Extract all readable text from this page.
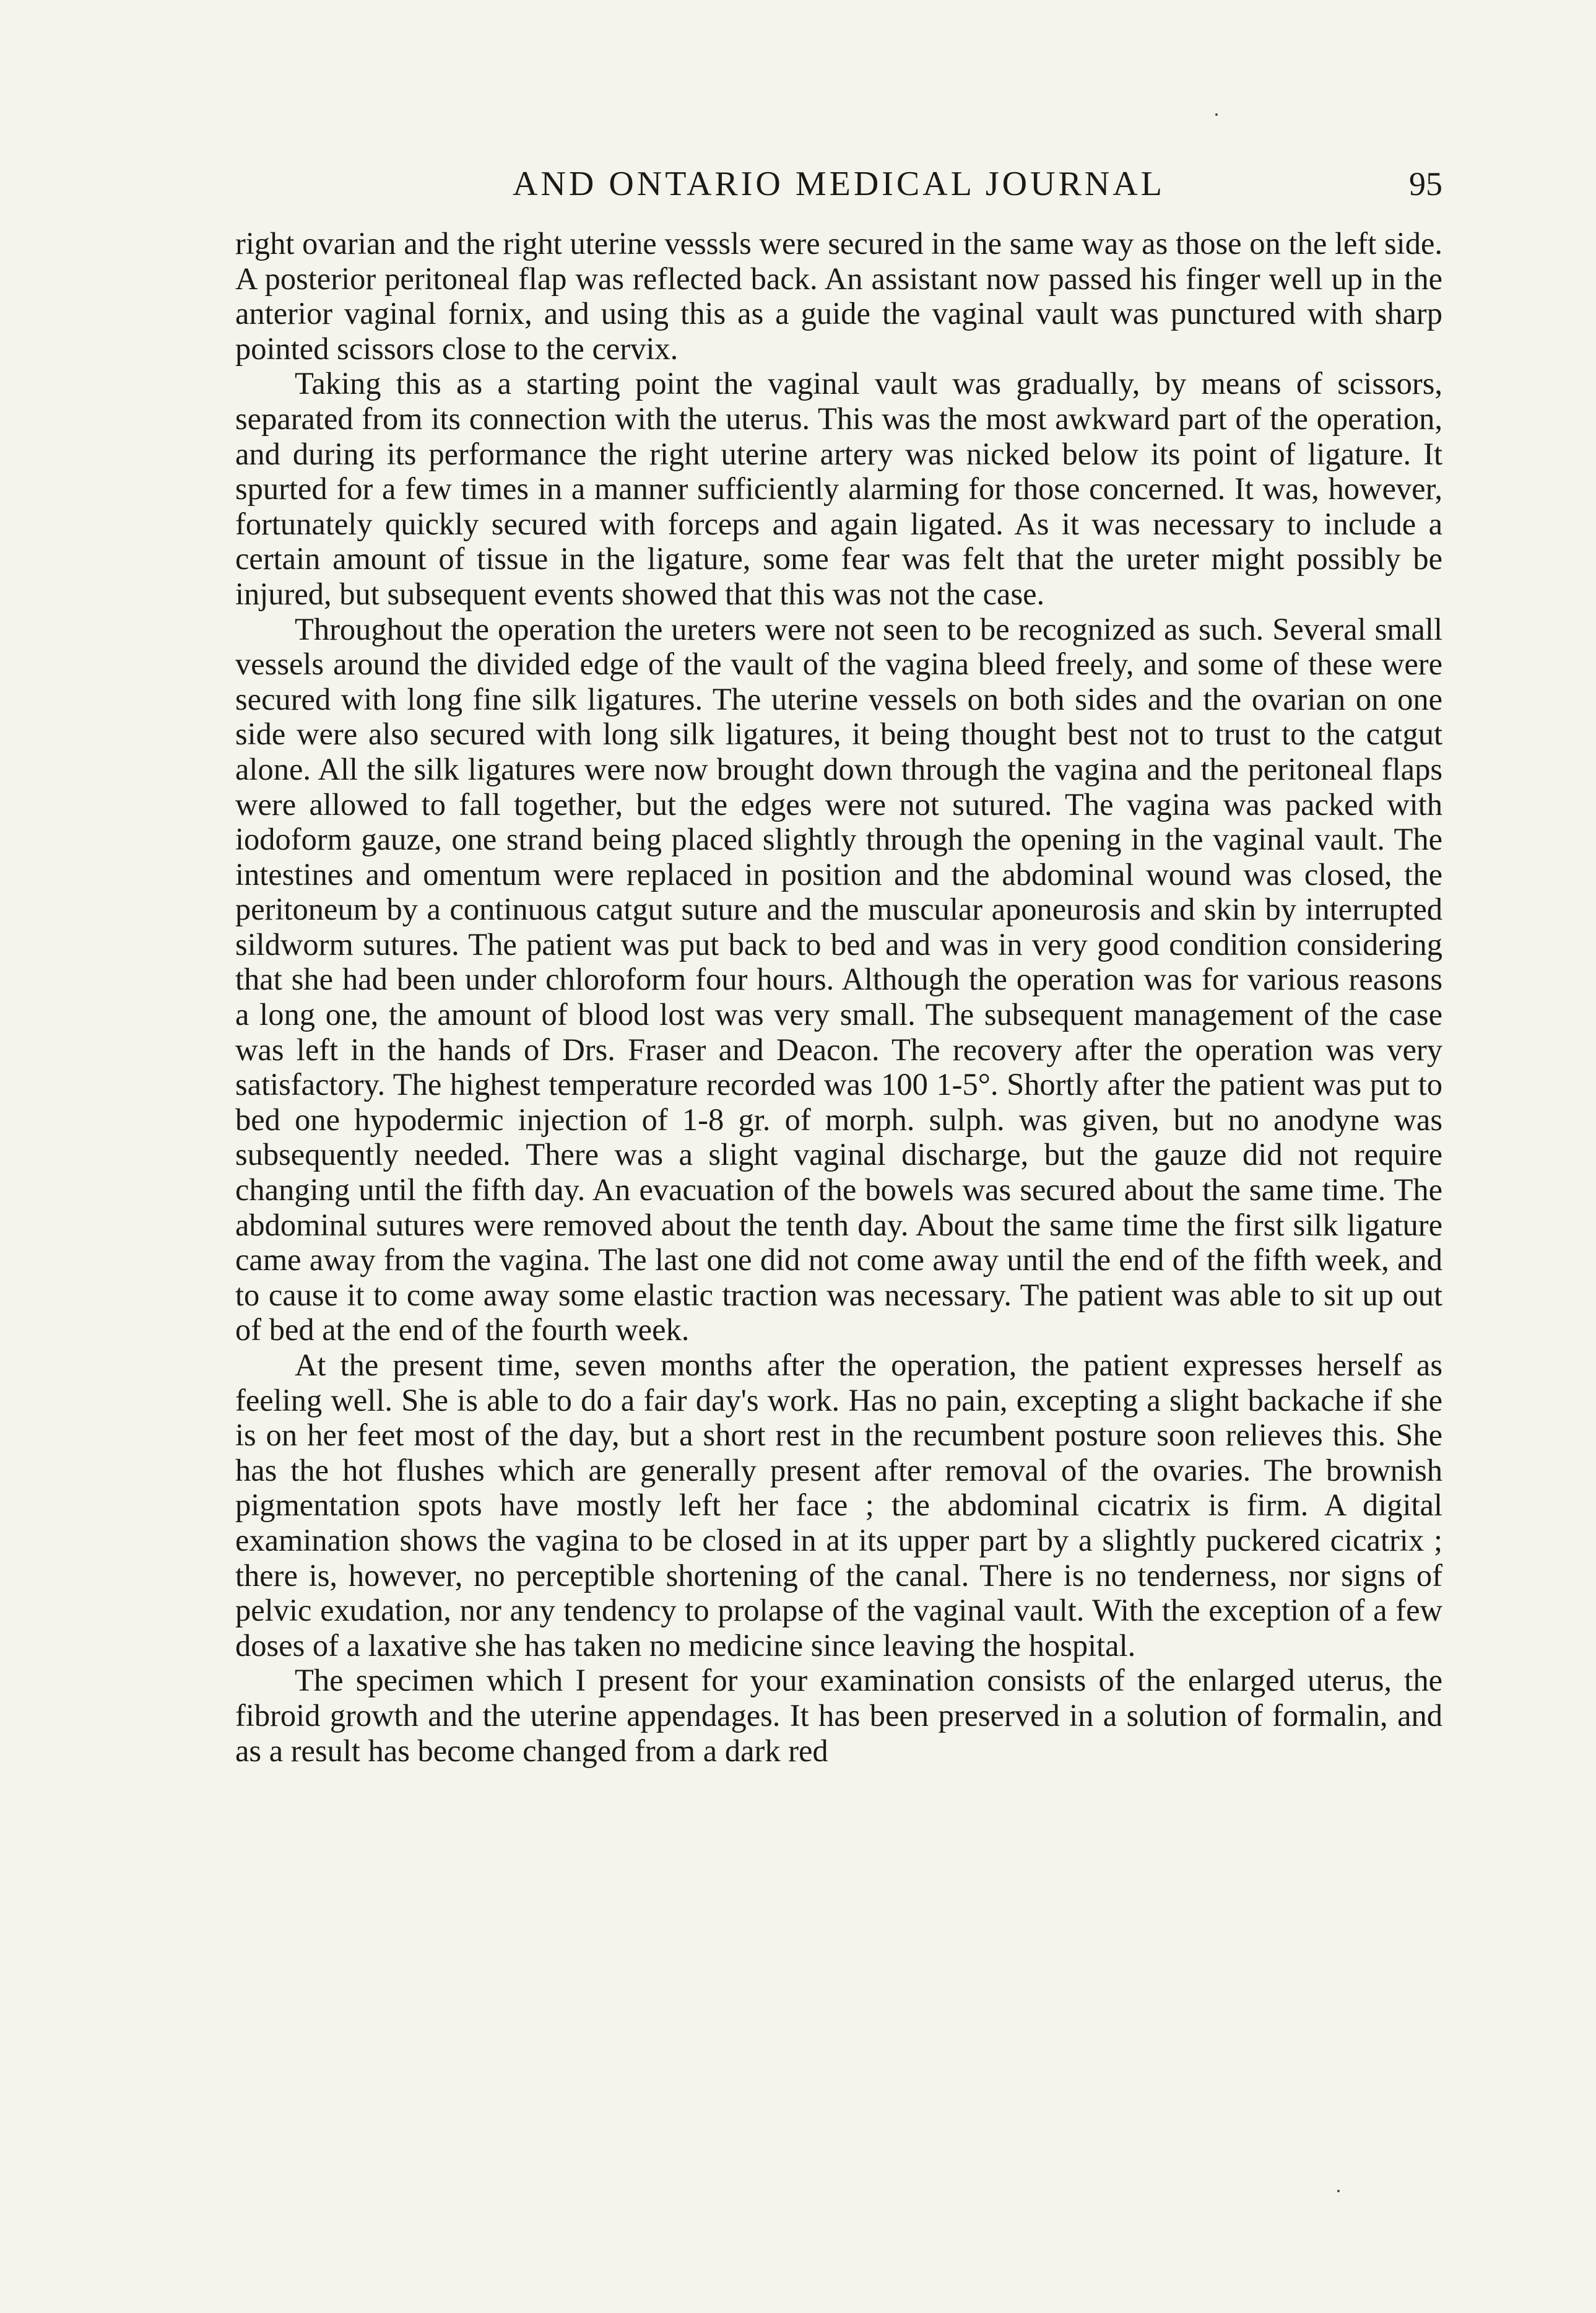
AND ONTARIO MEDICAL JOURNAL	95

right ovarian and the right uterine vesssls were secured in the same way as those on the left side. A posterior peritoneal flap was reflected back. An assistant now passed his finger well up in the anterior vaginal fornix, and using this as a guide the vaginal vault was punctured with sharp pointed scissors close to the cervix.

Taking this as a starting point the vaginal vault was gradually, by means of scissors, separated from its connection with the uterus. This was the most awkward part of the operation, and during its performance the right uterine artery was nicked below its point of ligature. It spurted for a few times in a manner sufficiently alarming for those concerned. It was, however, fortunately quickly secured with forceps and again ligated. As it was necessary to include a certain amount of tissue in the ligature, some fear was felt that the ureter might possibly be injured, but subsequent events showed that this was not the case.

Throughout the operation the ureters were not seen to be recognized as such. Several small vessels around the divided edge of the vault of the vagina bleed freely, and some of these were secured with long fine silk ligatures. The uterine vessels on both sides and the ovarian on one side were also secured with long silk ligatures, it being thought best not to trust to the catgut alone. All the silk ligatures were now brought down through the vagina and the peritoneal flaps were allowed to fall together, but the edges were not sutured. The vagina was packed with iodoform gauze, one strand being placed slightly through the opening in the vaginal vault. The intestines and omentum were replaced in position and the abdominal wound was closed, the peritoneum by a continuous catgut suture and the muscular aponeurosis and skin by interrupted sildworm sutures. The patient was put back to bed and was in very good condition considering that she had been under chloroform four hours. Although the operation was for various reasons a long one, the amount of blood lost was very small. The subsequent management of the case was left in the hands of Drs. Fraser and Deacon. The recovery after the operation was very satisfactory. The highest temperature recorded was 100 1-5°. Shortly after the patient was put to bed one hypodermic injection of 1-8 gr. of morph. sulph. was given, but no anodyne was subsequently needed. There was a slight vaginal discharge, but the gauze did not require changing until the fifth day. An evacuation of the bowels was secured about the same time. The abdominal sutures were removed about the tenth day. About the same time the first silk ligature came away from the vagina. The last one did not come away until the end of the fifth week, and to cause it to come away some elastic traction was necessary. The patient was able to sit up out of bed at the end of the fourth week.

At the present time, seven months after the operation, the patient expresses herself as feeling well. She is able to do a fair day's work. Has no pain, excepting a slight backache if she is on her feet most of the day, but a short rest in the recumbent posture soon relieves this. She has the hot flushes which are generally present after removal of the ovaries. The brownish pigmentation spots have mostly left her face ; the abdominal cicatrix is firm. A digital examination shows the vagina to be closed in at its upper part by a slightly puckered cicatrix ; there is, however, no perceptible shortening of the canal. There is no tenderness, nor signs of pelvic exudation, nor any tendency to prolapse of the vaginal vault. With the exception of a few doses of a laxative she has taken no medicine since leaving the hospital.

The specimen which I present for your examination consists of the enlarged uterus, the fibroid growth and the uterine appendages. It has been preserved in a solution of formalin, and as a result has become changed from a dark red
